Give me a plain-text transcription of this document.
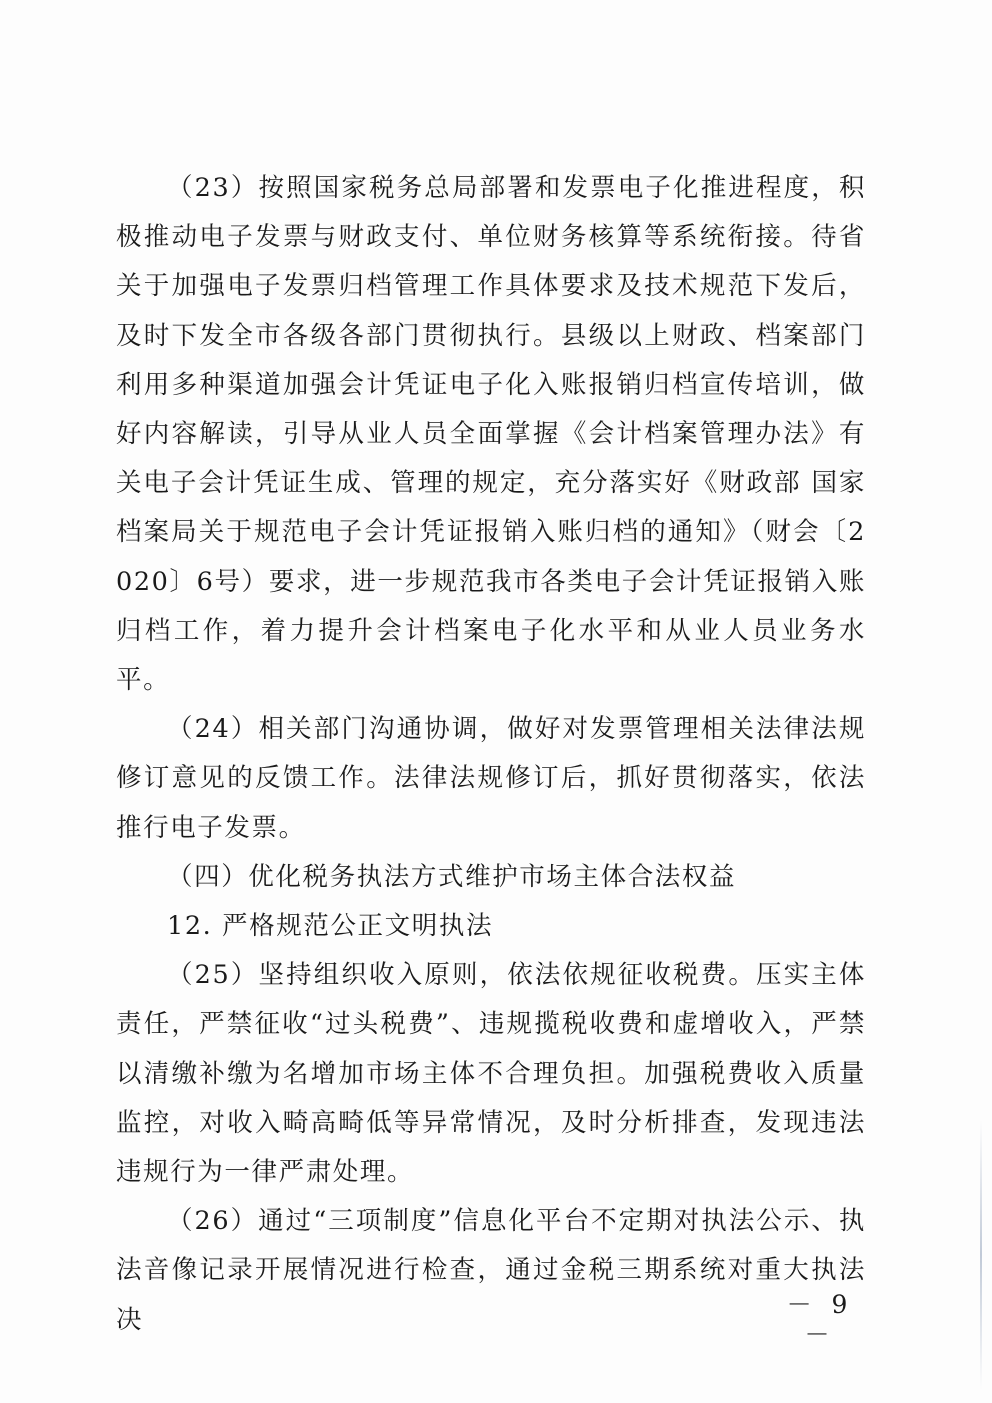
（23）按照国家税务总局部署和发票电子化推进程度，积极推动电子发票与财政支付、单位财务核算等系统衔接。待省关于加强电子发票归档管理工作具体要求及技术规范下发后，及时下发全市各级各部门贯彻执行。县级以上财政、档案部门利用多种渠道加强会计凭证电子化入账报销归档宣传培训，做好内容解读，引导从业人员全面掌握《会计档案管理办法》有关电子会计凭证生成、管理的规定，充分落实好《财政部 国家档案局关于规范电子会计凭证报销入账归档的通知》（财会〔2020〕6号）要求，进一步规范我市各类电子会计凭证报销入账归档工作，着力提升会计档案电子化水平和从业人员业务水平。

（24）相关部门沟通协调，做好对发票管理相关法律法规修订意见的反馈工作。法律法规修订后，抓好贯彻落实，依法推行电子发票。

（四）优化税务执法方式维护市场主体合法权益

12. 严格规范公正文明执法

（25）坚持组织收入原则，依法依规征收税费。压实主体责任，严禁征收“过头税费”、违规揽税收费和虚增收入，严禁以清缴补缴为名增加市场主体不合理负担。加强税费收入质量监控，对收入畸高畸低等异常情况，及时分析排查，发现违法违规行为一律严肃处理。

（26）通过“三项制度”信息化平台不定期对执法公示、执法音像记录开展情况进行检查，通过金税三期系统对重大执法决

－ 9 －
